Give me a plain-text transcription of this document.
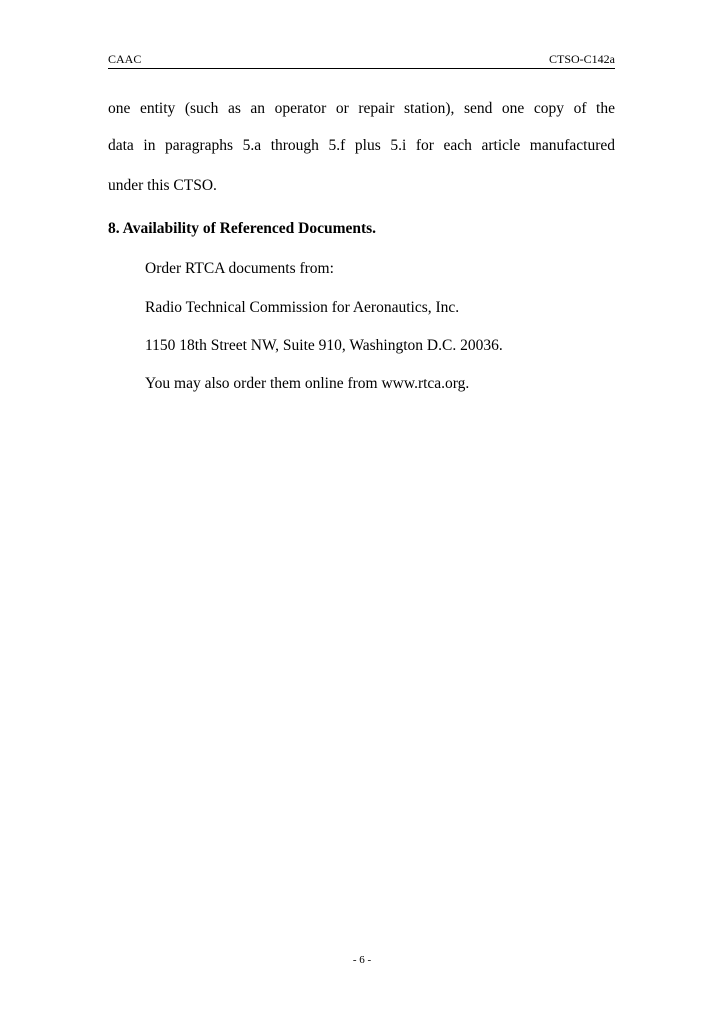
CAAC	CTSO-C142a

one entity (such as an operator or repair station), send one copy of the

data in paragraphs 5.a through 5.f plus 5.i for each article manufactured

under this CTSO.

8. Availability of Referenced Documents.

Order RTCA documents from:

Radio Technical Commission for Aeronautics, Inc.

1150 18th Street NW, Suite 910, Washington D.C. 20036.

You may also order them online from www.rtca.org.

- 6 -
